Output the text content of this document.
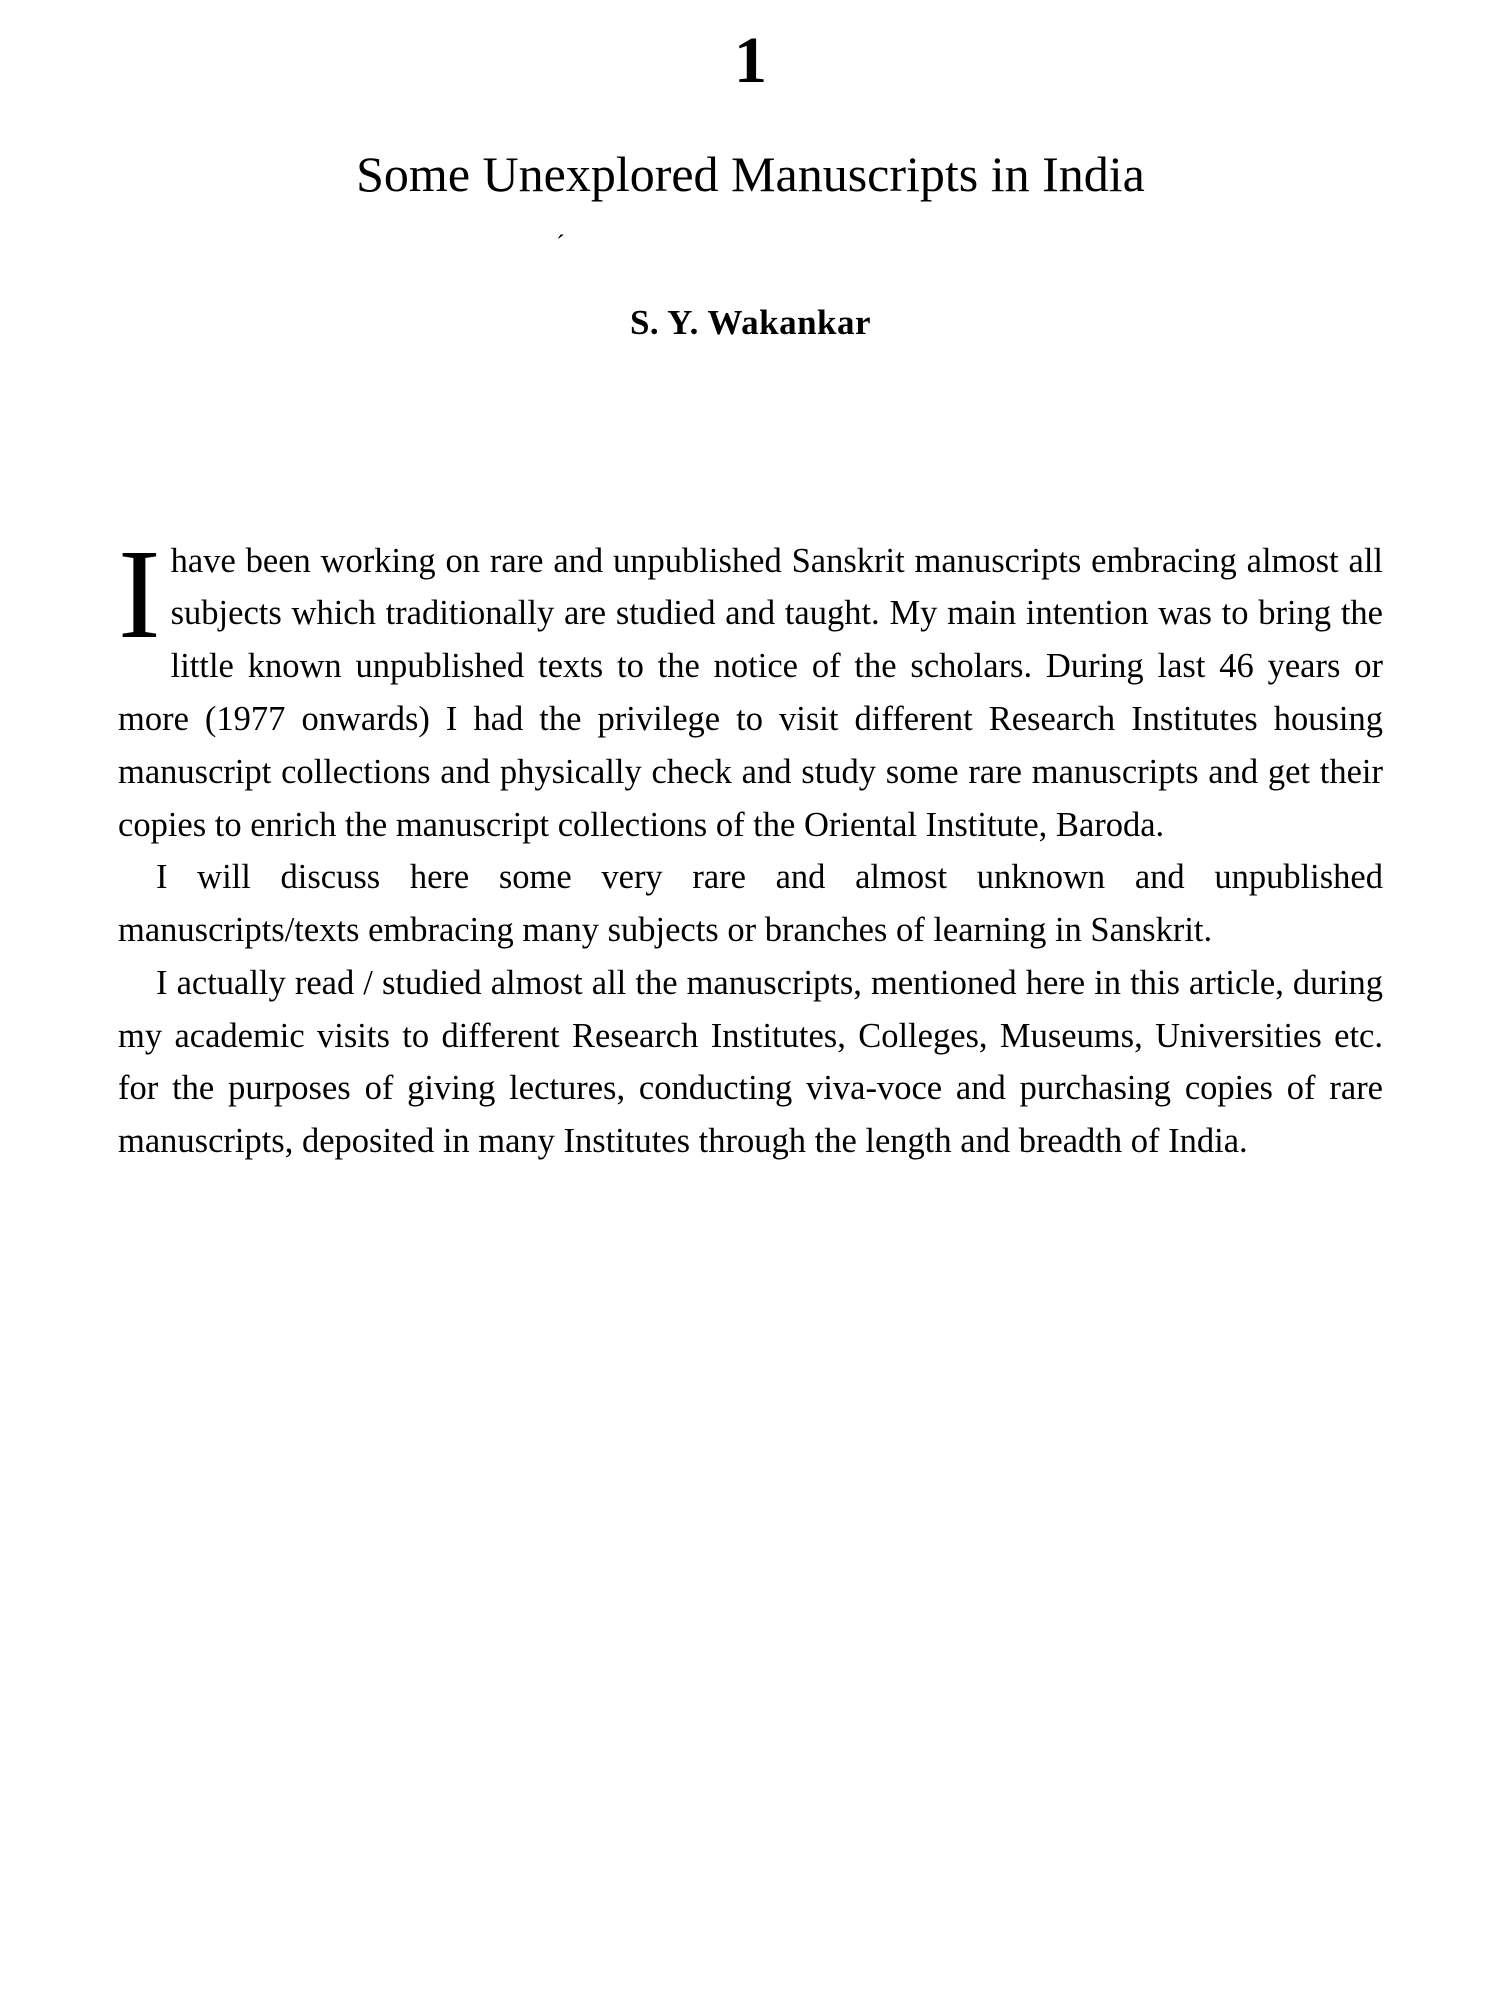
1
Some Unexplored Manuscripts in India
´
S. Y. Wakankar

Ihave been working on rare and unpublished Sanskrit manuscripts embracing almost all subjects which traditionally are studied and taught. My main intention was to bring the little known unpublished texts to the notice of the scholars. During last 46 years or more (1977 onwards) I had the privilege to visit different Research Institutes housing manuscript collections and physically check and study some rare manuscripts and get their copies to enrich the manuscript collections of the Oriental Institute, Baroda.

I will discuss here some very rare and almost unknown and unpublished manuscripts/texts embracing many subjects or branches of learning in Sanskrit.

I actually read / studied almost all the manuscripts, mentioned here in this article, during my academic visits to different Research Institutes, Colleges, Museums, Universities etc. for the purposes of giving lectures, conducting viva-voce and purchasing copies of rare manuscripts, deposited in many Institutes through the length and breadth of India.
